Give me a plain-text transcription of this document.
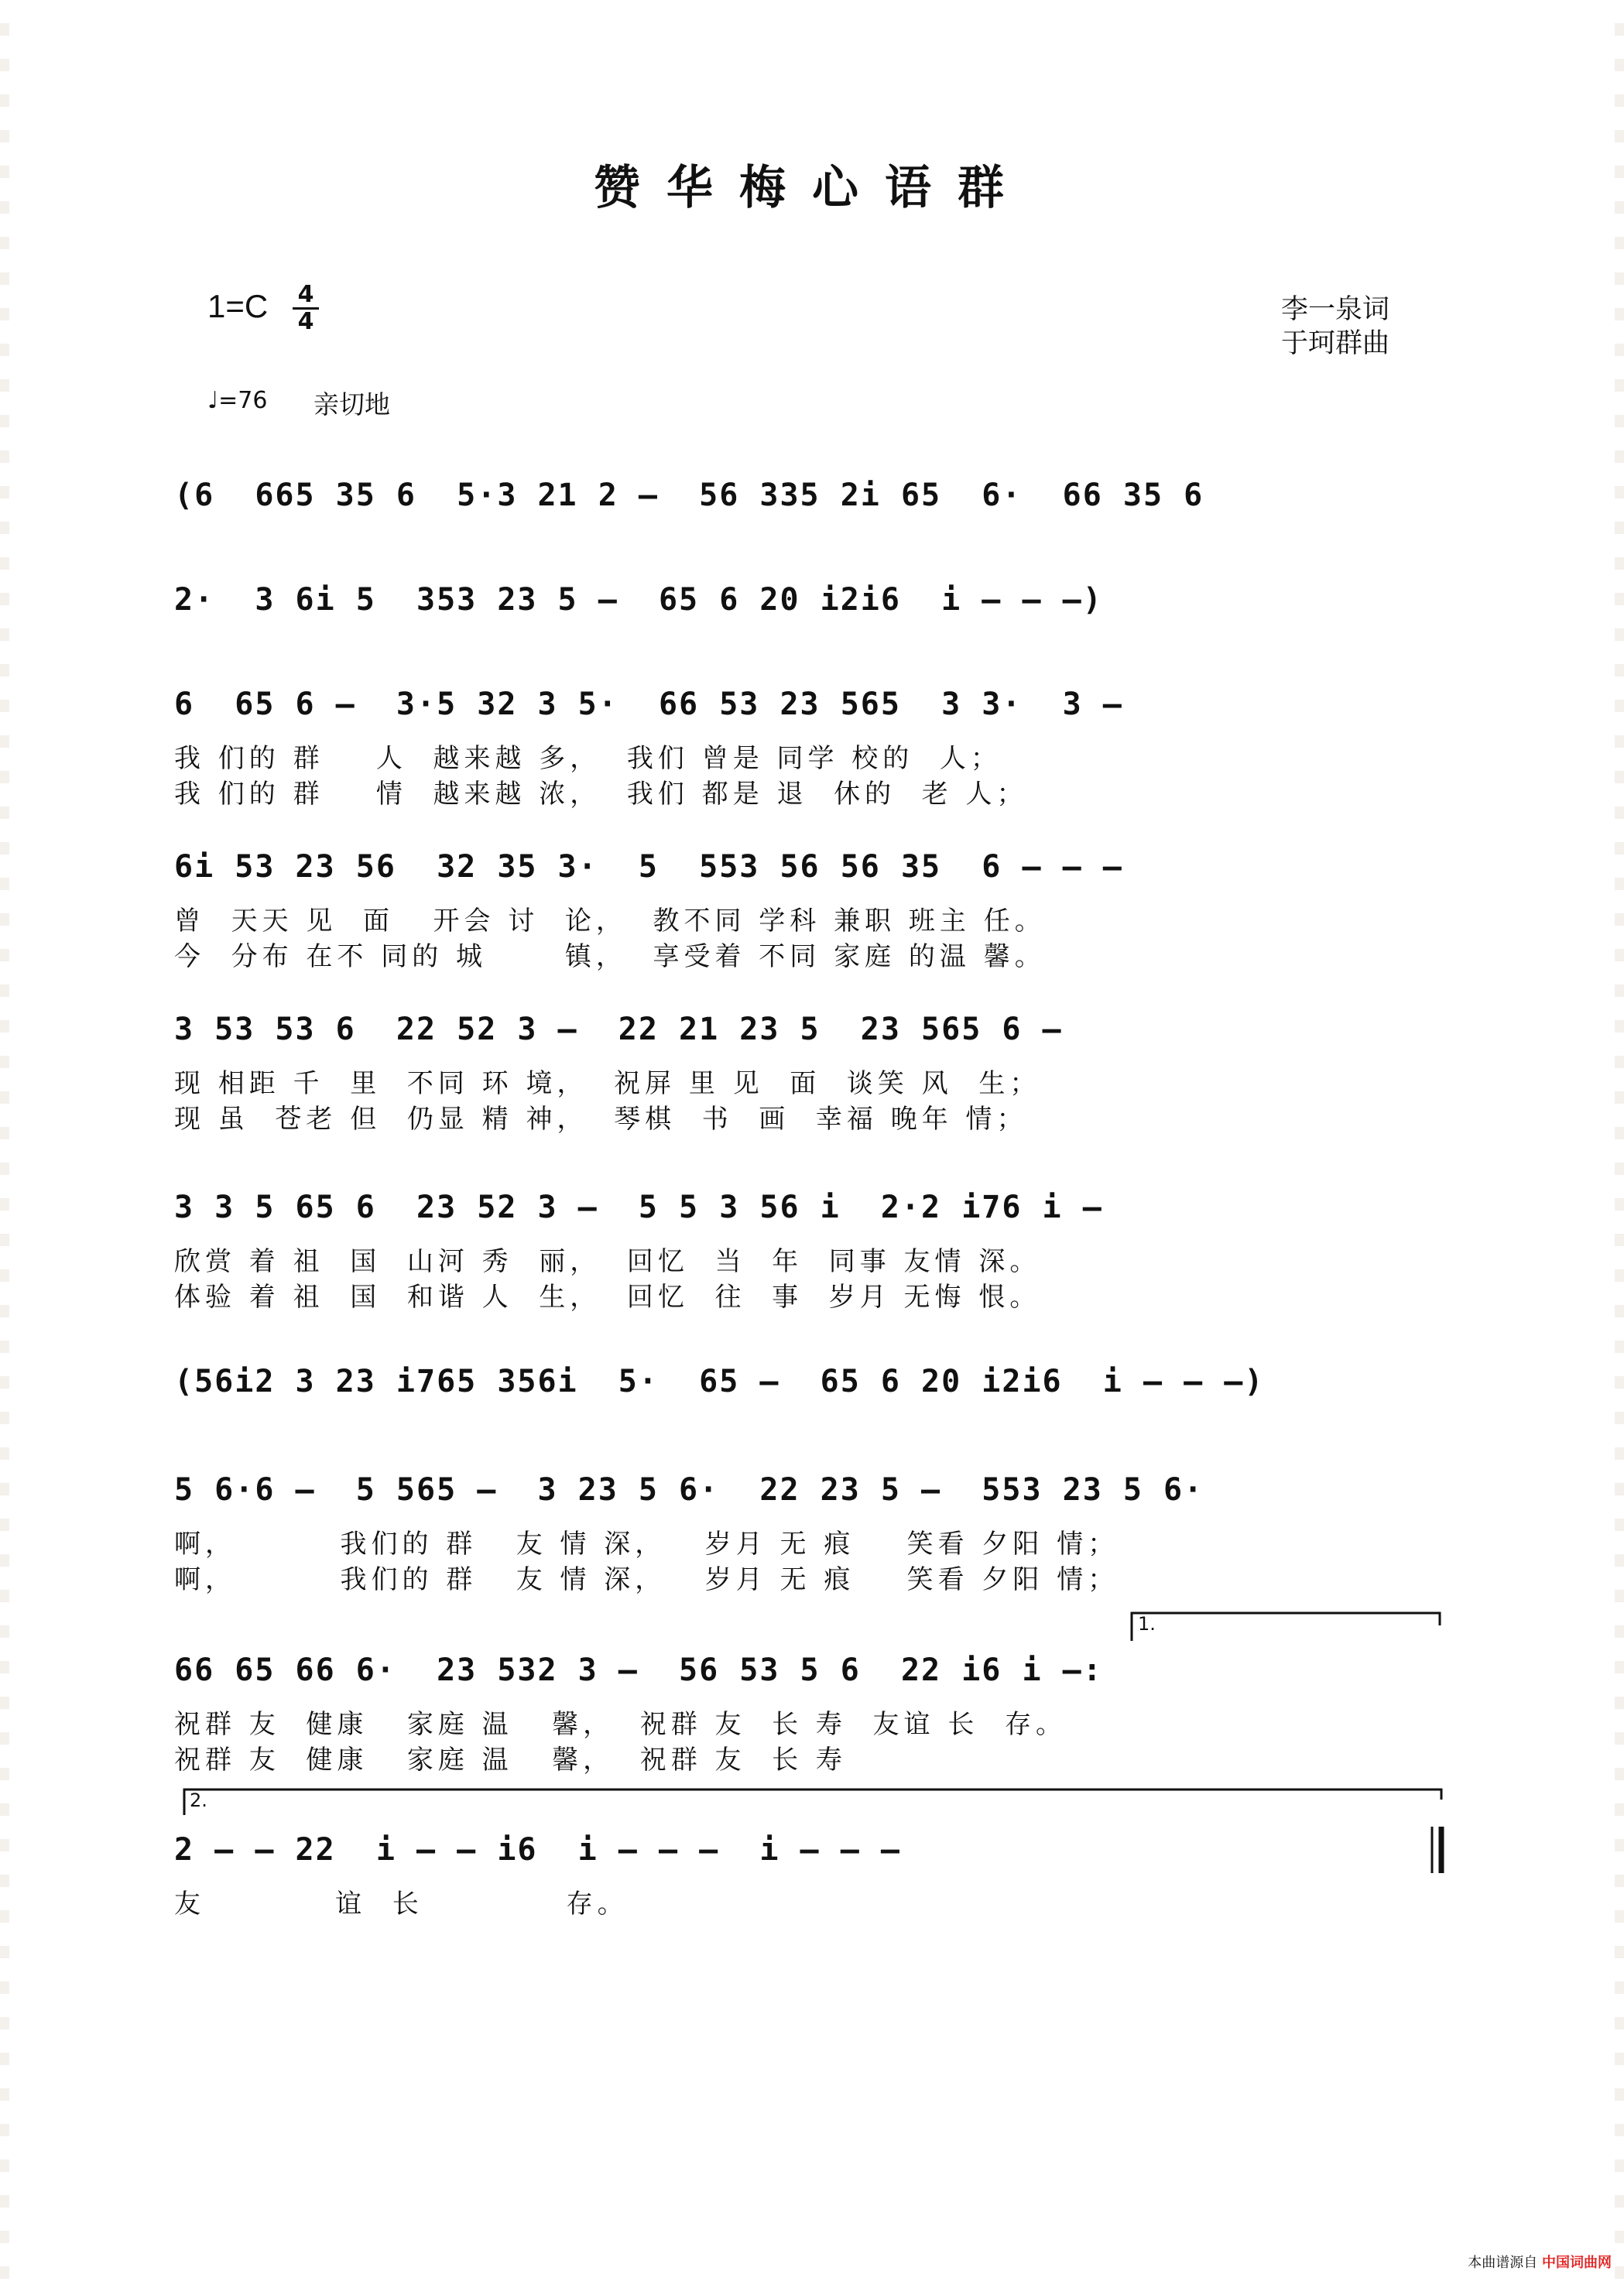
赞华梅心语群
1=C 4
4	李一泉词
于珂群曲
♩=76 亲切地
(6  665 35 6  5·3 21 2 –  56 335 2i 65  6·  66 35 6
2·  3 6i 5  353 23 5 –  65 6 20 i2i6  i – – –)
6  65 6 –  3·5 32 3 5·  66 53 23 565  3 3·  3 –
我 们的 群    人  越来越 多，  我们 曾是 同学 校的  人；
我 们的 群    情  越来越 浓，  我们 都是 退  休的  老 人；
6i 53 23 56  32 35 3·  5  553 56 56 35  6 – – –
曾  天天 见  面   开会 讨  论，  教不同 学科 兼职 班主 任。
今  分布 在不 同的 城      镇，  享受着 不同 家庭 的温 馨。
3 53 53 6  22 52 3 –  22 21 23 5  23 565 6 –
现 相距 千  里  不同 环 境，  祝屏 里 见  面  谈笑 风  生；
现 虽  苍老 但  仍显 精 神，  琴棋  书  画  幸福 晚年 情；
3 3 5 65 6  23 52 3 –  5 5 3 56 i  2·2 i76 i –
欣赏 着 祖  国  山河 秀  丽，  回忆  当  年  同事 友情 深。
体验 着 祖  国  和谐 人  生，  回忆  往  事  岁月 无悔 恨。
(56i2 3 23 i765 356i  5·  65 –  65 6 20 i2i6  i – – –)
5 6·6 –  5 565 –  3 23 5 6·  22 23 5 –  553 23 5 6·
啊，        我们的 群   友 情 深，   岁月 无 痕    笑看 夕阳 情；
啊，        我们的 群   友 情 深，   岁月 无 痕    笑看 夕阳 情；
66 65 66 6·  23 532 3 –  56 53 5 6  22 i6 i –:
祝群 友  健康   家庭 温   馨，  祝群 友  长 寿  友谊 长  存。
祝群 友  健康   家庭 温   馨，  祝群 友  长 寿
2 – – 22  i – – i6  i – – –  i – – –
友          谊  长           存。
1.
2.
本曲谱源自 中国词曲网
